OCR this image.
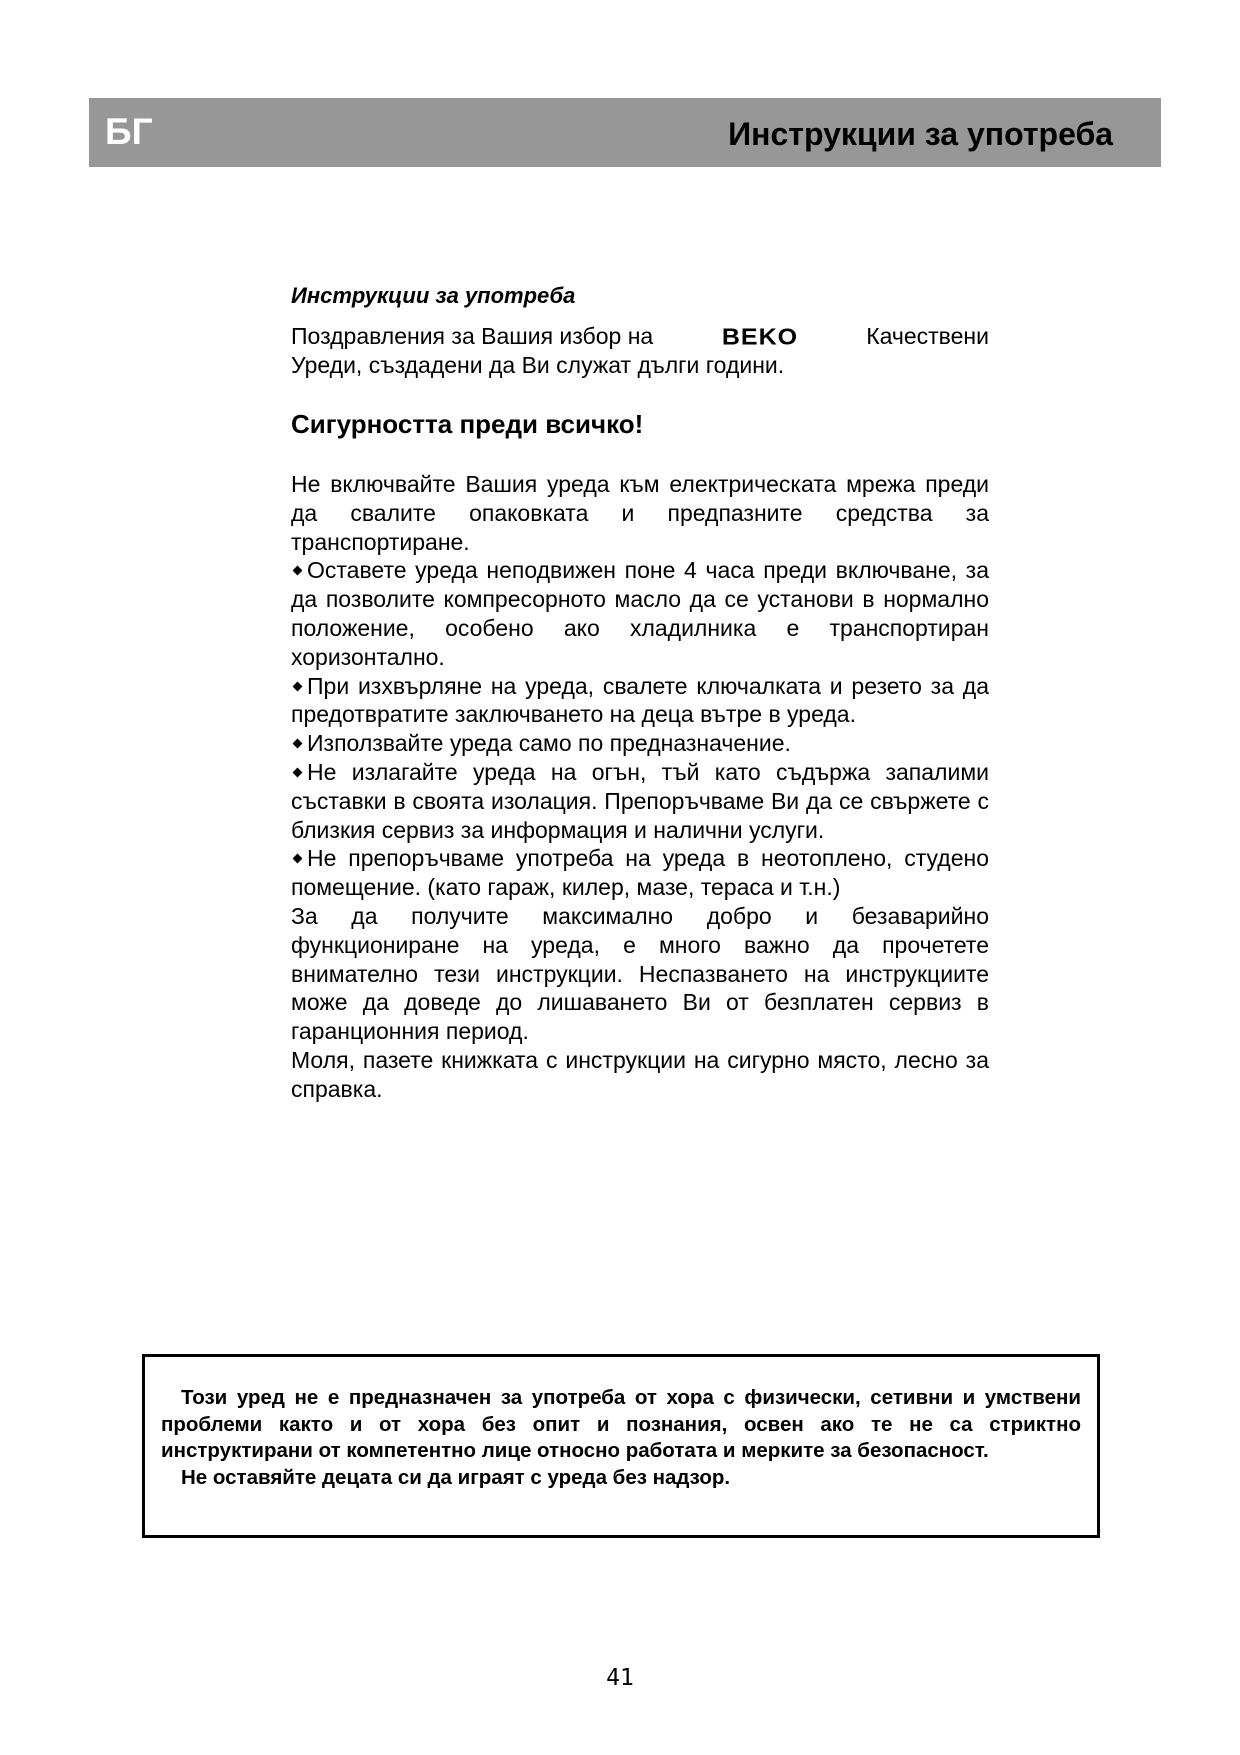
БГ	Инструкции за употреба
Инструкции за употреба
Поздравления за Вашия избор на	BEKO	Качествени
Уреди, създадени да Ви служат дълги години.
Сигурността преди всичко!

Не включвайте Вашия уреда към електрическата мрежа преди да свалите опаковката и предпазните средства за транспортиране.

Оставете уреда неподвижен поне 4 часа преди включване, за да позволите компресорното масло да се установи в нормално положение, особено ако хладилника е транспортиран хоризонтално.

При изхвърляне на уреда, свалете ключалката и резето за да предотвратите заключването на деца вътре в уреда.

Използвайте уреда само по предназначение.

Не излагайте уреда на огън, тъй като съдържа запалими съставки в своята изолация. Препоръчваме Ви да се свържете с близкия сервиз за информация и налични услуги.

Не препоръчваме употреба на уреда в неотоплено, студено помещение. (като гараж, килер, мазе, тераса и т.н.)

За да получите максимално добро и безаварийно функциониране на уреда, е много важно да прочетете внимателно тези инструкции. Неспазването на инструкциите може да доведе до лишаването Ви от безплатен сервиз в гаранционния период.

Моля, пазете книжката с инструкции на сигурно място, лесно за справка.

Този уред не е предназначен за употреба от хора с физически, сетивни и умствени проблеми както и от хора без опит и познания, освен ако те не са стриктно инструктирани от компетентно лице относно работата и мерките за безопасност.

Не оставяйте децата си да играят с уреда без надзор.

41
